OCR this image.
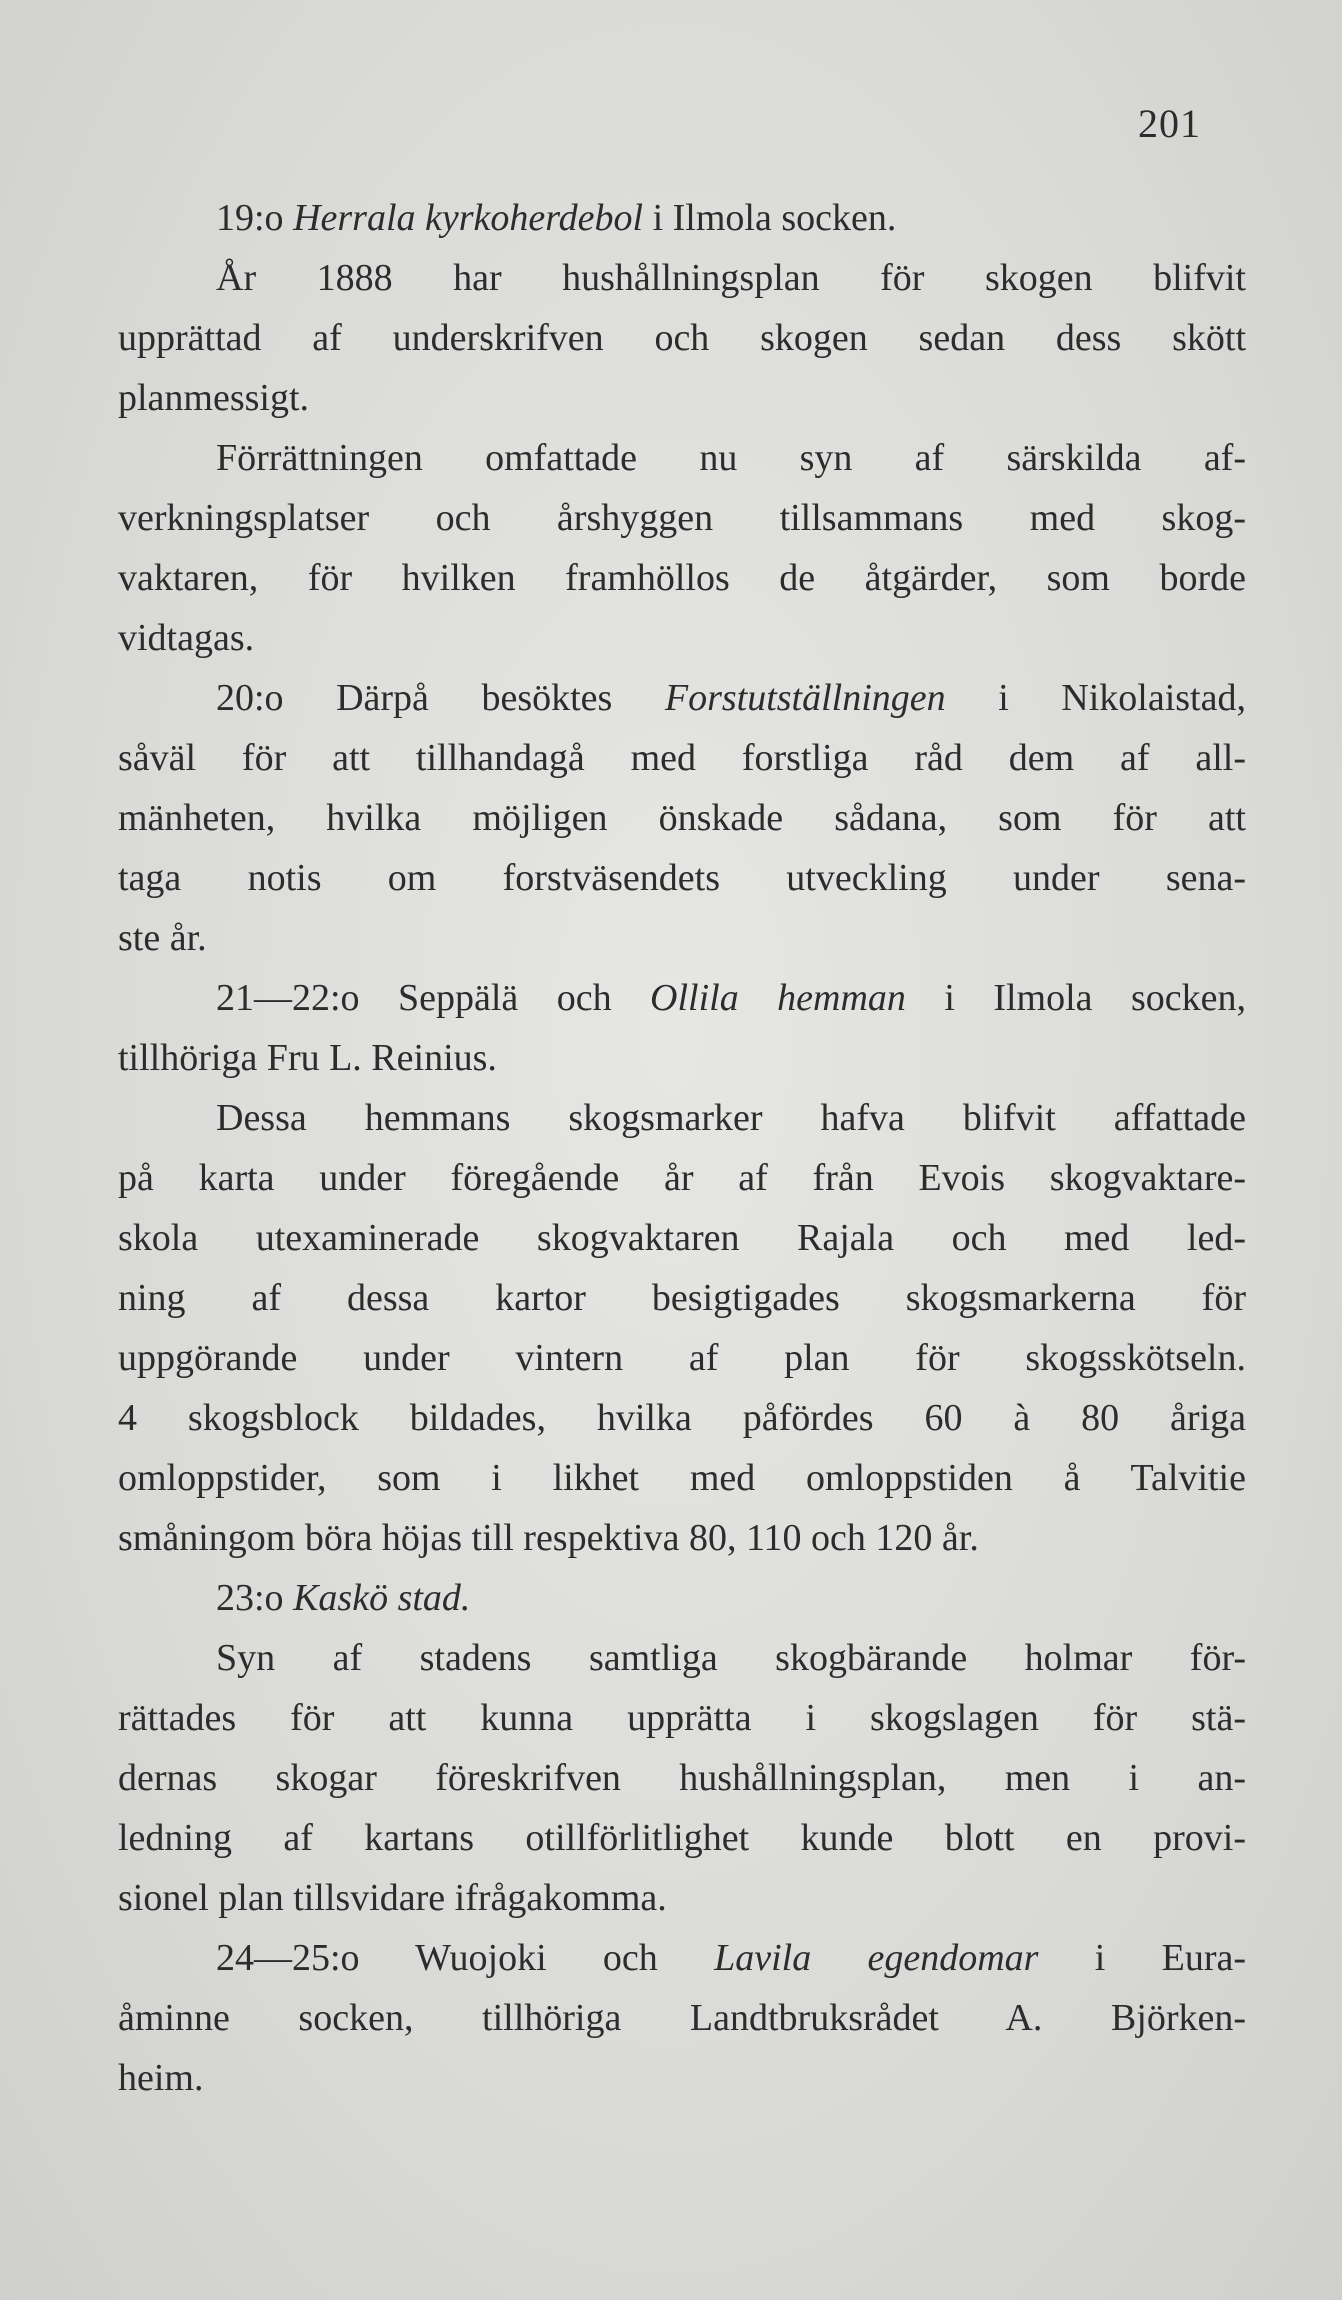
201
19:o Herrala kyrkoherdebol i Ilmola socken.
År 1888 har hushållningsplan för skogen blifvit
upprättad af underskrifven och skogen sedan dess skött
planmessigt.
Förrättningen omfattade nu syn af särskilda af-
verkningsplatser och årshyggen tillsammans med skog-
vaktaren, för hvilken framhöllos de åtgärder, som borde
vidtagas.
20:o Därpå besöktes Forstutställningen i Nikolaistad,
såväl för att tillhandagå med forstliga råd dem af all-
mänheten, hvilka möjligen önskade sådana, som för att
taga notis om forstväsendets utveckling under sena-
ste år.
21—22:o Seppälä och Ollila hemman i Ilmola socken,
tillhöriga Fru L. Reinius.
Dessa hemmans skogsmarker hafva blifvit affattade
på karta under föregående år af från Evois skogvaktare-
skola utexaminerade skogvaktaren Rajala och med led-
ning af dessa kartor besigtigades skogsmarkerna för
uppgörande under vintern af plan för skogsskötseln.
4 skogsblock bildades, hvilka påfördes 60 à 80 åriga
omloppstider, som i likhet med omloppstiden å Talvitie
småningom böra höjas till respektiva 80, 110 och 120 år.
23:o Kaskö stad.
Syn af stadens samtliga skogbärande holmar för-
rättades för att kunna upprätta i skogslagen för stä-
dernas skogar föreskrifven hushållningsplan, men i an-
ledning af kartans otillförlitlighet kunde blott en provi-
sionel plan tillsvidare ifrågakomma.
24—25:o Wuojoki och Lavila egendomar i Eura-
åminne socken, tillhöriga Landtbruksrådet A. Björken-
heim.
